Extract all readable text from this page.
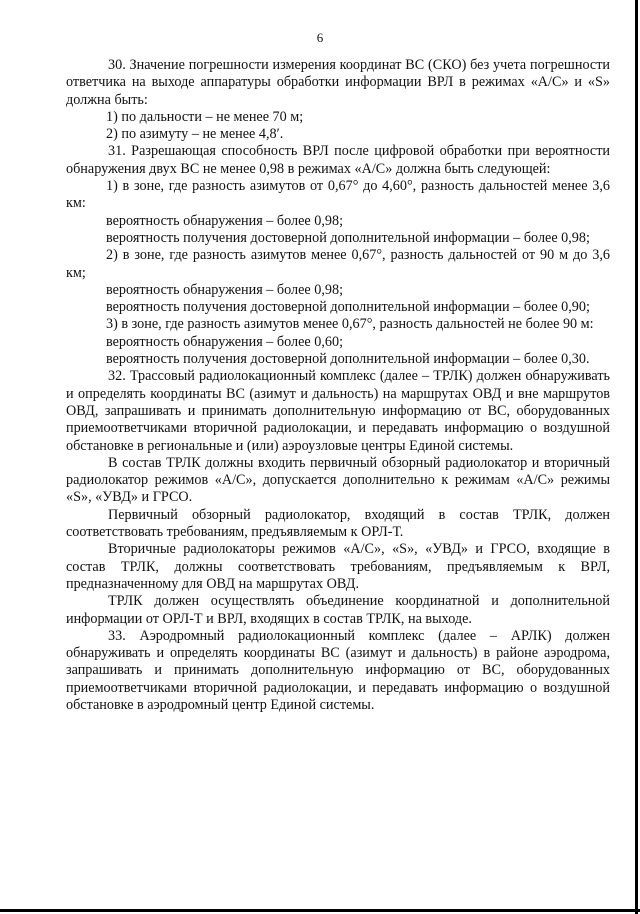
6

30. Значение погрешности измерения координат ВС (СКО) без учета погрешности ответчика на выходе аппаратуры обработки информации ВРЛ в режимах «А/С» и «S» должна быть:

1) по дальности – не менее 70 м;

2) по азимуту – не менее 4,8′.

31. Разрешающая способность ВРЛ после цифровой обработки при вероятности обнаружения двух ВС не менее 0,98 в режимах «А/С» должна быть следующей:

1) в зоне, где разность азимутов от 0,67° до 4,60°, разность дальностей менее 3,6 км:

вероятность обнаружения – более 0,98;

вероятность получения достоверной дополнительной информации – более 0,98;

2) в зоне, где разность азимутов менее 0,67°, разность дальностей от 90 м до 3,6 км;

вероятность обнаружения – более 0,98;

вероятность получения достоверной дополнительной информации – более 0,90;

3) в зоне, где разность азимутов менее 0,67°, разность дальностей не более 90 м:

вероятность обнаружения – более 0,60;

вероятность получения достоверной дополнительной информации – более 0,30.

32. Трассовый радиолокационный комплекс (далее – ТРЛК) должен обнаруживать и определять координаты ВС (азимут и дальность) на маршрутах ОВД и вне маршрутов ОВД, запрашивать и принимать дополнительную информацию от ВС, оборудованных приемоответчиками вторичной радиолокации, и передавать информацию о воздушной обстановке в региональные и (или) аэроузловые центры Единой системы.

В состав ТРЛК должны входить первичный обзорный радиолокатор и вторичный радиолокатор режимов «А/С», допускается дополнительно к режимам «А/С» режимы «S», «УВД» и ГРСО.

Первичный обзорный радиолокатор, входящий в состав ТРЛК, должен соответствовать требованиям, предъявляемым к ОРЛ-Т.

Вторичные радиолокаторы режимов «А/С», «S», «УВД» и ГРСО, входящие в состав ТРЛК, должны соответствовать требованиям, предъявляемым к ВРЛ, предназначенному для ОВД на маршрутах ОВД.

ТРЛК должен осуществлять объединение координатной и дополнительной информации от ОРЛ-Т и ВРЛ, входящих в состав ТРЛК, на выходе.

33. Аэродромный радиолокационный комплекс (далее – АРЛК) должен обнаруживать и определять координаты ВС (азимут и дальность) в районе аэродрома, запрашивать и принимать дополнительную информацию от ВС, оборудованных приемоответчиками вторичной радиолокации, и передавать информацию о воздушной обстановке в аэродромный центр Единой системы.
